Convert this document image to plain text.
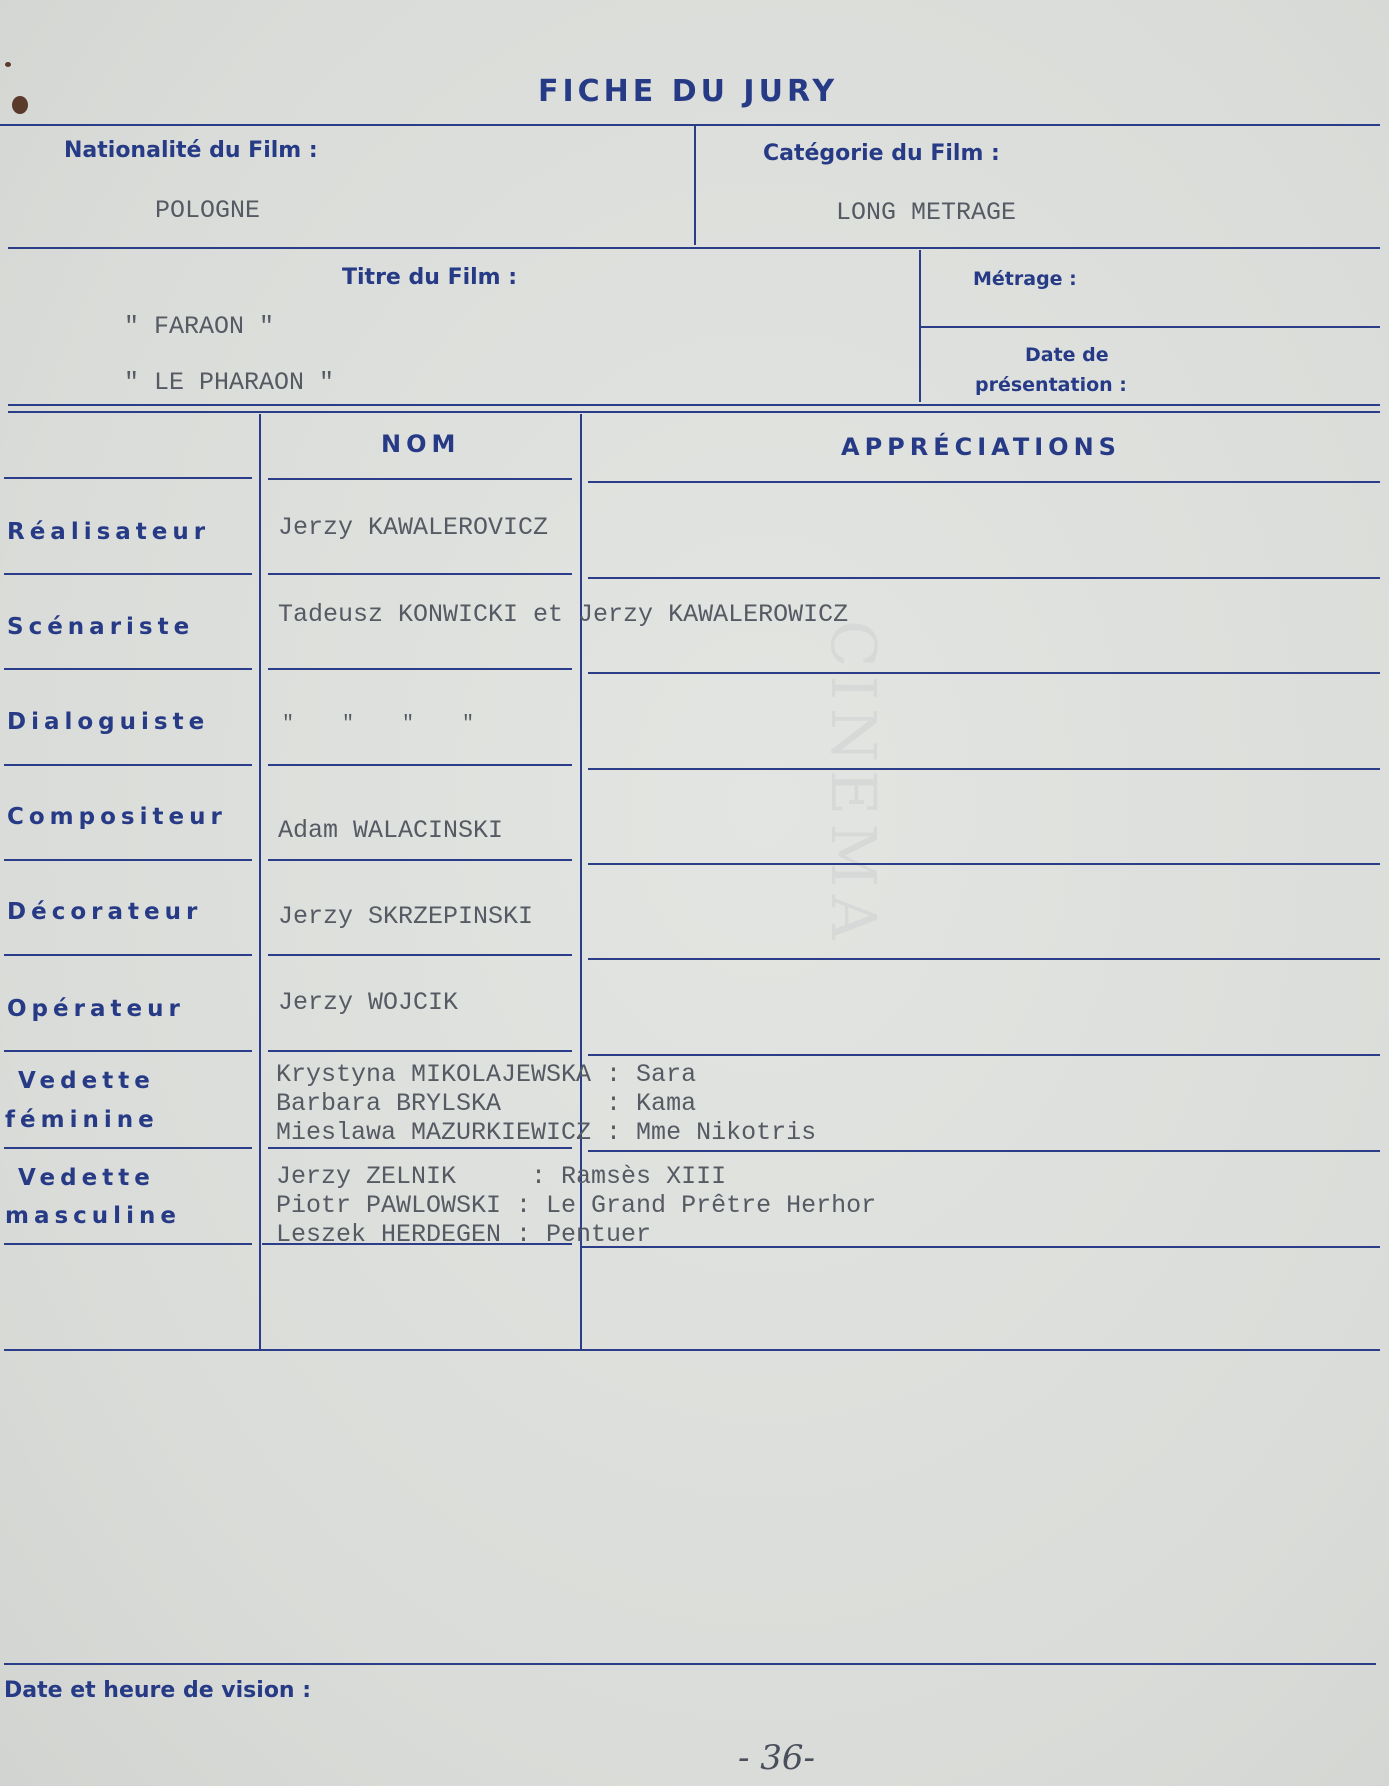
CINEMA
FICHE DU JURY
Nationalité du Film :
POLOGNE
Catégorie du Film :
LONG METRAGE
Titre du Film :
" FARAON "
" LE PHARAON "
Métrage :
Date de
présentation :
NOM	APPRÉCIATIONS
Réalisateur
Scénariste
Dialoguiste
Compositeur
Décorateur
Opérateur
Vedette
féminine
Vedette
masculine
Jerzy KAWALEROVICZ
Tadeusz KONWICKI et Jerzy KAWALEROWICZ
"    "    "    "
Adam WALACINSKI
Jerzy SKRZEPINSKI
Jerzy WOJCIK
Krystyna MIKOLAJEWSKA : Sara
Barbara BRYLSKA       : Kama
Mieslawa MAZURKIEWICZ : Mme Nikotris
Jerzy ZELNIK     : Ramsès XIII
Piotr PAWLOWSKI : Le Grand Prêtre Herhor
Leszek HERDEGEN : Pentuer
Date et heure de vision :
- 36-
